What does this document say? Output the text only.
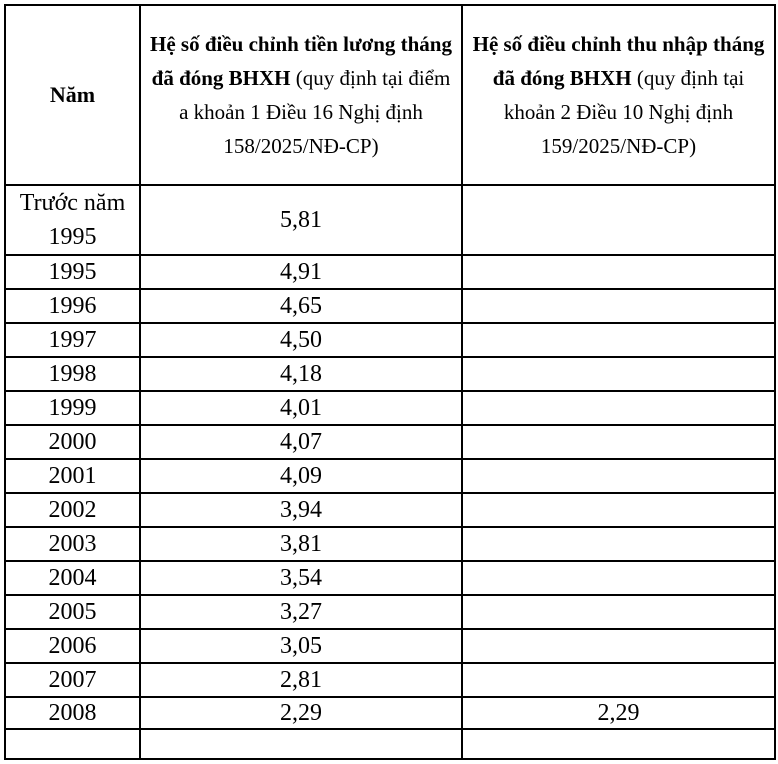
Năm	Hệ số điều chỉnh tiền lương tháng đã đóng BHXH (quy định tại điểm a khoản 1 Điều 16 Nghị định 158/2025/NĐ-CP)	Hệ số điều chỉnh thu nhập tháng đã đóng BHXH (quy định tại khoản 2 Điều 10 Nghị định 159/2025/NĐ-CP)
Trước năm 1995	5,81	
1995	4,91	
1996	4,65	
1997	4,50	
1998	4,18	
1999	4,01	
2000	4,07	
2001	4,09	
2002	3,94	
2003	3,81	
2004	3,54	
2005	3,27	
2006	3,05	
2007	2,81	
2008	2,29	2,29
